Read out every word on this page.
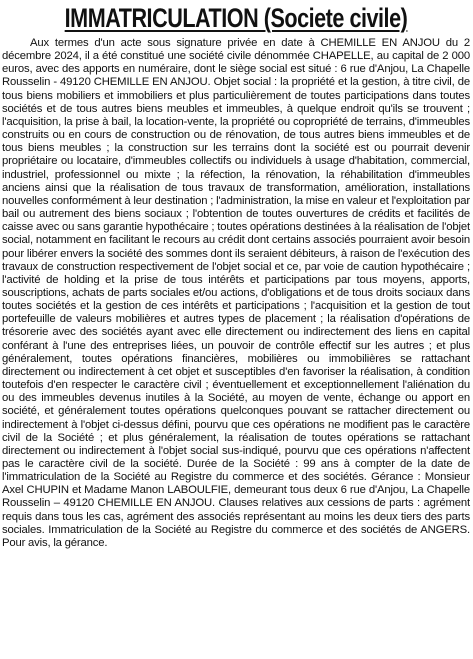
IMMATRICULATION (Societe civile)

Aux termes d'un acte sous signature privée en date à CHEMILLE EN ANJOU du 2 décembre 2024, il a été constitué une société civile dénommée CHAPELLE, au capital de 2 000 euros, avec des apports en numéraire, dont le siège social est situé : 6 rue d'Anjou, La Chapelle Rousselin - 49120 CHEMILLE EN ANJOU. Objet social : la propriété et la gestion, à titre civil, de tous biens mobiliers et immobiliers et plus particulièrement de toutes participations dans toutes sociétés et de tous autres biens meubles et immeubles, à quelque endroit qu'ils se trouvent ; l'acquisition, la prise à bail, la location-vente, la propriété ou copropriété de terrains, d'immeubles construits ou en cours de construction ou de rénovation, de tous autres biens immeubles et de tous biens meubles ; la construction sur les terrains dont la société est ou pourrait devenir propriétaire ou locataire, d'immeubles collectifs ou individuels à usage d'habitation, commercial, industriel, professionnel ou mixte ; la réfection, la rénovation, la réhabilitation d'immeubles anciens ainsi que la réalisation de tous travaux de transformation, amélioration, installations nouvelles conformément à leur destination ; l'administration, la mise en valeur et l'exploitation par bail ou autrement des biens sociaux ; l'obtention de toutes ouvertures de crédits et facilités de caisse avec ou sans garantie hypothécaire ; toutes opérations destinées à la réalisation de l'objet social, notamment en facilitant le recours au crédit dont certains associés pourraient avoir besoin pour libérer envers la société des sommes dont ils seraient débiteurs, à raison de l'exécution des travaux de construction respectivement de l'objet social et ce, par voie de caution hypothécaire ; l'activité de holding et la prise de tous intérêts et participations par tous moyens, apports, souscriptions, achats de parts sociales et/ou actions, d'obligations et de tous droits sociaux dans toutes sociétés et la gestion de ces intérêts et participations ; l'acquisition et la gestion de tout portefeuille de valeurs mobilières et autres types de placement ; la réalisation d'opérations de trésorerie avec des sociétés ayant avec elle directement ou indirectement des liens en capital conférant à l'une des entreprises liées, un pouvoir de contrôle effectif sur les autres ; et plus généralement, toutes opérations financières, mobilières ou immobilières se rattachant directement ou indirectement à cet objet et susceptibles d'en favoriser la réalisation, à condition toutefois d'en respecter le caractère civil ; éventuellement et exceptionnellement l'aliénation du ou des immeubles devenus inutiles à la Société, au moyen de vente, échange ou apport en société, et généralement toutes opérations quelconques pouvant se rattacher directement ou indirectement à l'objet ci-dessus défini, pourvu que ces opérations ne modifient pas le caractère civil de la Société ; et plus généralement, la réalisation de toutes opérations se rattachant directement ou indirectement à l'objet social sus-indiqué, pourvu que ces opérations n'affectent pas le caractère civil de la société. Durée de la Société : 99 ans à compter de la date de l'immatriculation de la Société au Registre du commerce et des sociétés. Gérance : Monsieur Axel CHUPIN et Madame Manon LABOULFIE, demeurant tous deux 6 rue d'Anjou, La Chapelle Rousselin – 49120 CHEMILLE EN ANJOU. Clauses relatives aux cessions de parts : agrément requis dans tous les cas, agrément des associés représentant au moins les deux tiers des parts sociales. Immatriculation de la Société au Registre du commerce et des sociétés de ANGERS. Pour avis, la gérance.
